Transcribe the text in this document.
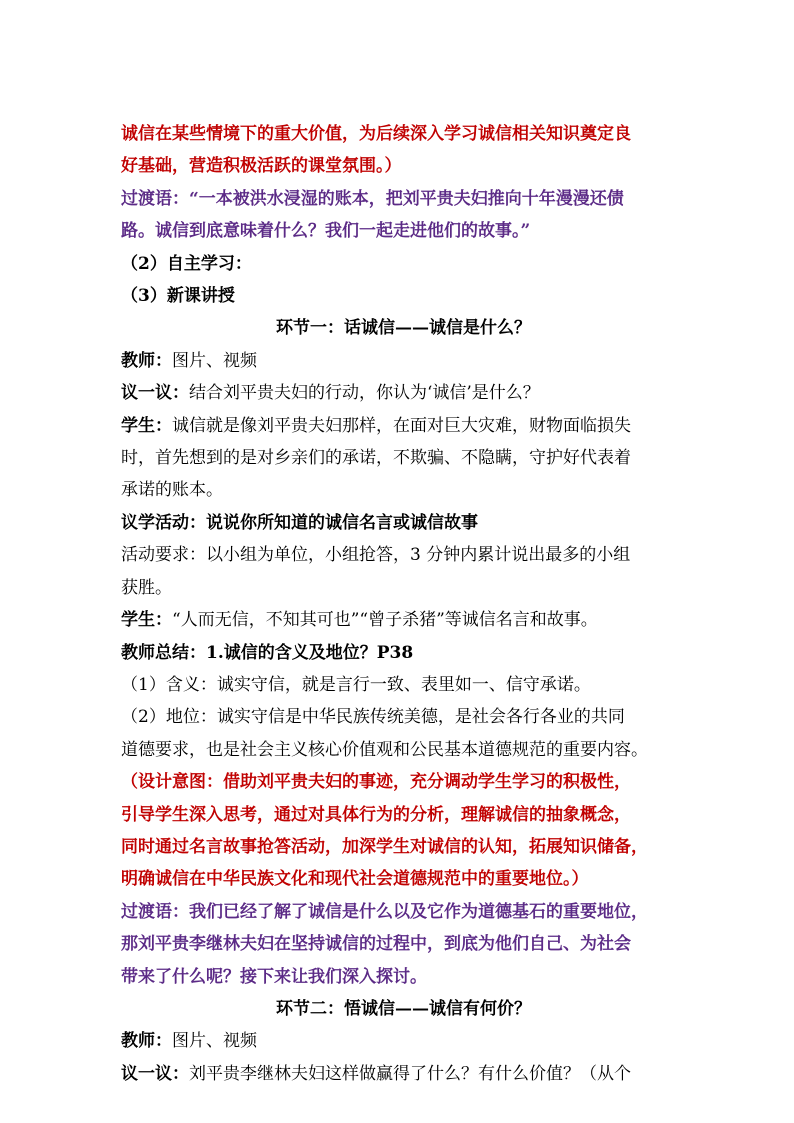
诚信在某些情境下的重大价值，为后续深入学习诚信相关知识奠定良

好基础，营造积极活跃的课堂氛围。）

过渡语：“一本被洪水浸湿的账本，把刘平贵夫妇推向十年漫漫还债

路。诚信到底意味着什么？我们一起走进他们的故事。”

（2）自主学习：

（3）新课讲授

环节一：话诚信——诚信是什么？

教师：图片、视频

议一议：结合刘平贵夫妇的行动，你认为‘诚信’是什么？

学生：诚信就是像刘平贵夫妇那样，在面对巨大灾难，财物面临损失

时，首先想到的是对乡亲们的承诺，不欺骗、不隐瞒，守护好代表着

承诺的账本。

议学活动：说说你所知道的诚信名言或诚信故事

活动要求：以小组为单位，小组抢答，3 分钟内累计说出最多的小组

获胜。

学生：“人而无信，不知其可也”“曾子杀猪”等诚信名言和故事。

教师总结：1.诚信的含义及地位？P38

（1）含义：诚实守信，就是言行一致、表里如一、信守承诺。

（2）地位：诚实守信是中华民族传统美德，是社会各行各业的共同

道德要求，也是社会主义核心价值观和公民基本道德规范的重要内容。

（设计意图：借助刘平贵夫妇的事迹，充分调动学生学习的积极性，

引导学生深入思考，通过对具体行为的分析，理解诚信的抽象概念，

同时通过名言故事抢答活动，加深学生对诚信的认知，拓展知识储备，

明确诚信在中华民族文化和现代社会道德规范中的重要地位。）

过渡语：我们已经了解了诚信是什么以及它作为道德基石的重要地位，

那刘平贵李继林夫妇在坚持诚信的过程中，到底为他们自己、为社会

带来了什么呢？接下来让我们深入探讨。

环节二：悟诚信——诚信有何价？

教师：图片、视频

议一议：刘平贵李继林夫妇这样做赢得了什么？有什么价值？（从个
